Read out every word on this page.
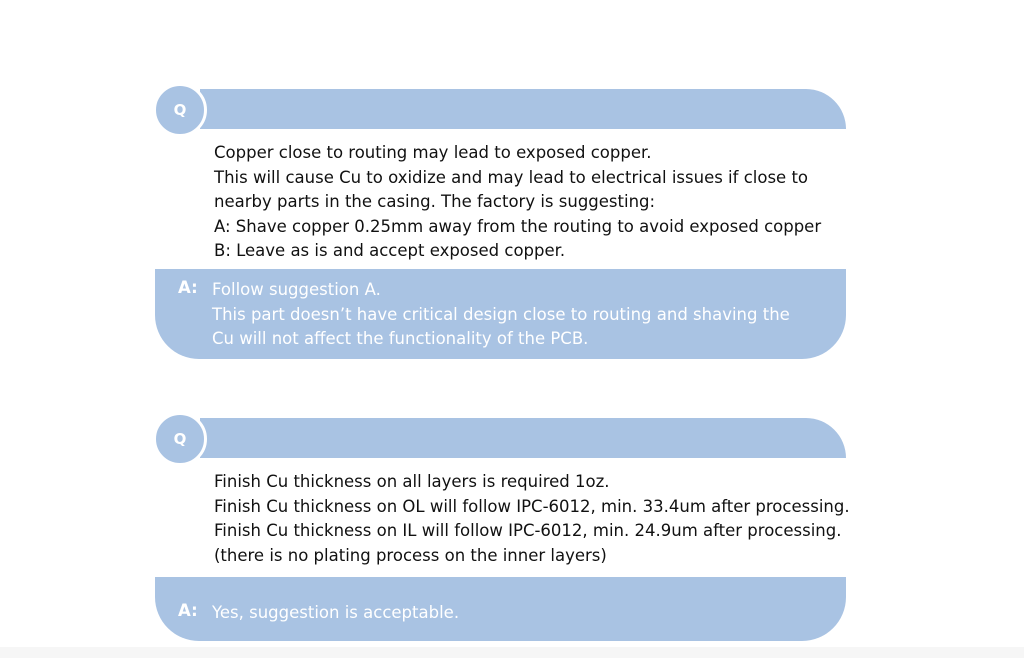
Q
Copper close to routing may lead to exposed copper.
This will cause Cu to oxidize and may lead to electrical issues if close to
nearby parts in the casing. The factory is suggesting:
A: Shave copper 0.25mm away from the routing to avoid exposed copper
B: Leave as is and accept exposed copper.
A: Follow suggestion A.
This part doesn’t have critical design close to routing and shaving the
Cu will not affect the functionality of the PCB.
Q
Finish Cu thickness on all layers is required 1oz.
Finish Cu thickness on OL will follow IPC-6012, min. 33.4um after processing.
Finish Cu thickness on IL will follow IPC-6012, min. 24.9um after processing.
(there is no plating process on the inner layers)
A: Yes, suggestion is acceptable.
